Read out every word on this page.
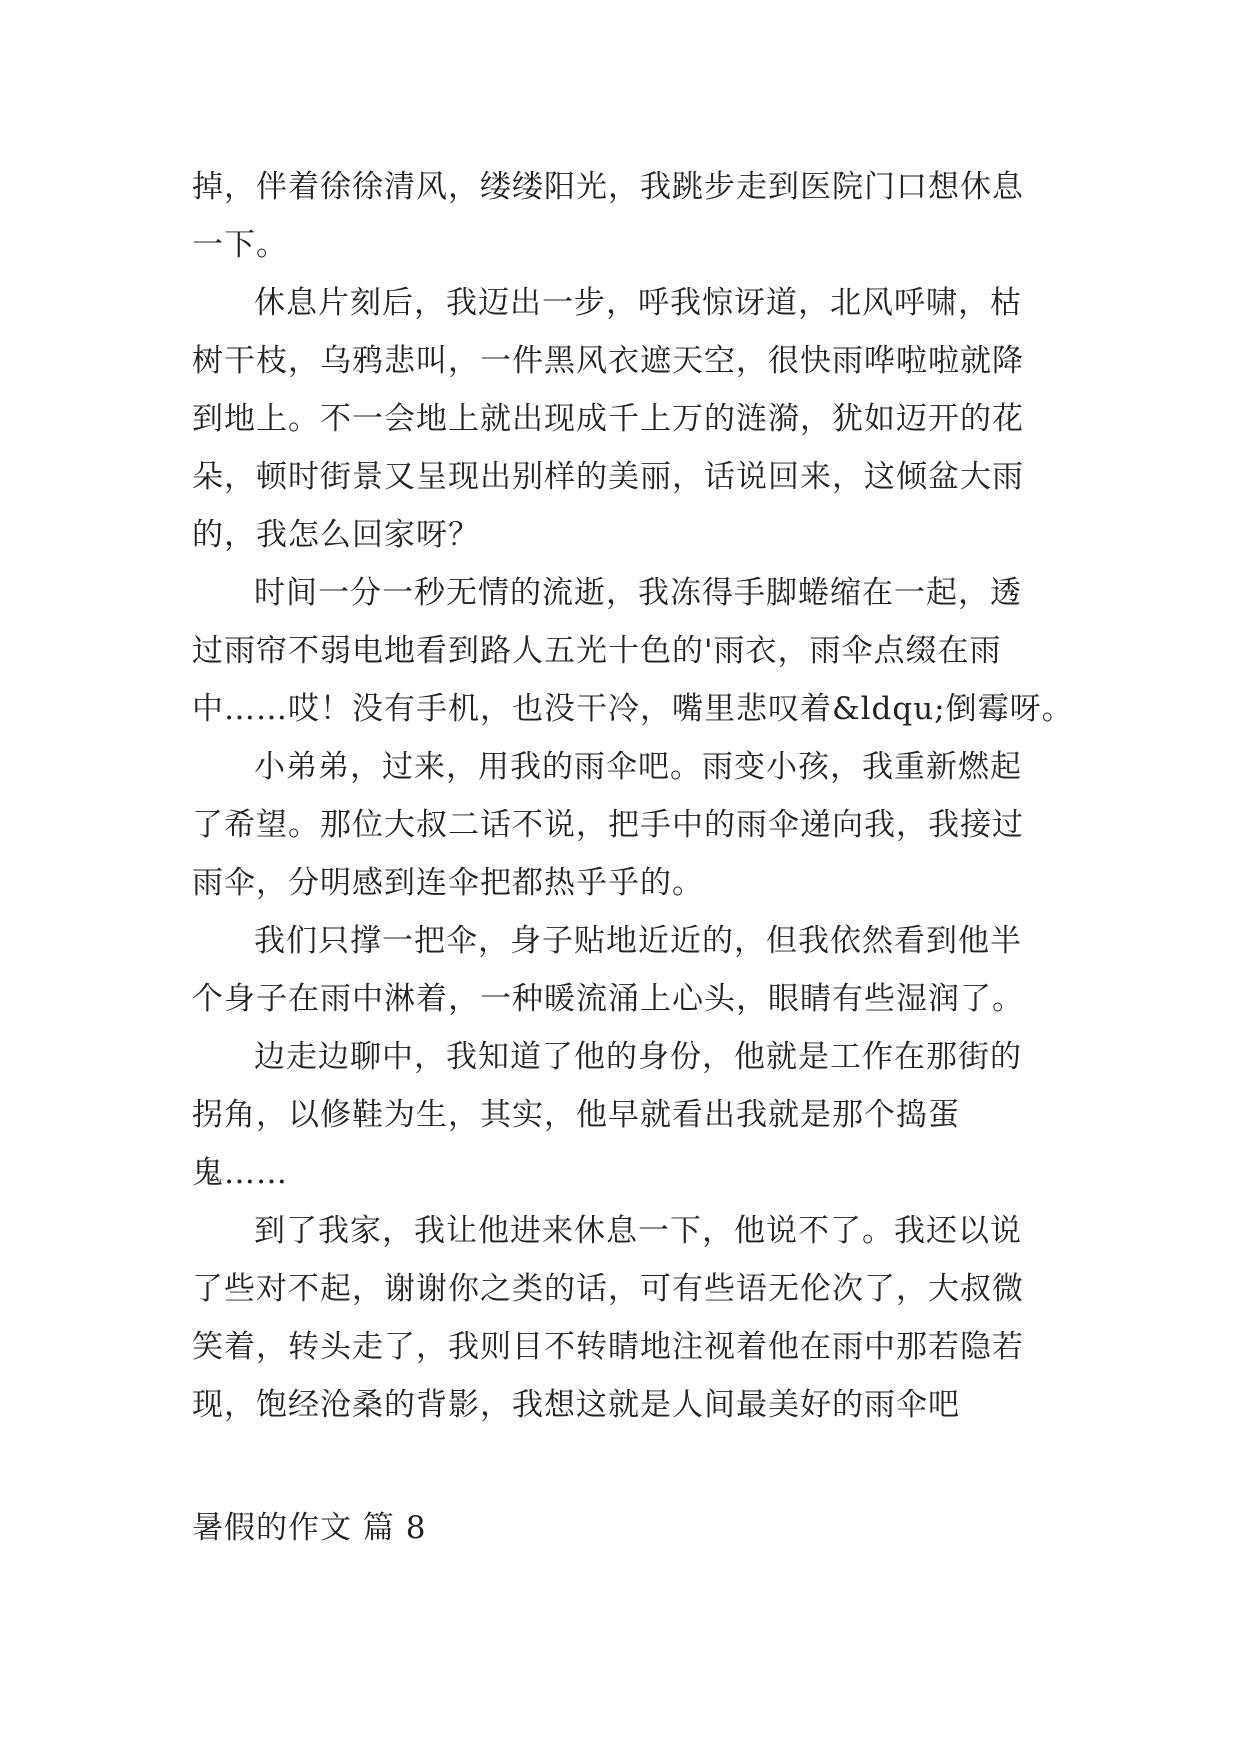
掉，伴着徐徐清风，缕缕阳光，我跳步走到医院门口想休息
一下。
休息片刻后，我迈出一步，呼我惊讶道，北风呼啸，枯
树干枝，乌鸦悲叫，一件黑风衣遮天空，很快雨哗啦啦就降
到地上。不一会地上就出现成千上万的涟漪，犹如迈开的花
朵，顿时街景又呈现出别样的美丽，话说回来，这倾盆大雨
的，我怎么回家呀？
时间一分一秒无情的流逝，我冻得手脚蜷缩在一起，透
过雨帘不弱电地看到路人五光十色的'雨衣，雨伞点缀在雨
中……哎！没有手机，也没干冷，嘴里悲叹着&ldqu;倒霉呀。
小弟弟，过来，用我的雨伞吧。雨变小孩，我重新燃起
了希望。那位大叔二话不说，把手中的雨伞递向我，我接过
雨伞，分明感到连伞把都热乎乎的。
我们只撑一把伞，身子贴地近近的，但我依然看到他半
个身子在雨中淋着，一种暖流涌上心头，眼睛有些湿润了。
边走边聊中，我知道了他的身份，他就是工作在那街的
拐角，以修鞋为生，其实，他早就看出我就是那个捣蛋
鬼……
到了我家，我让他进来休息一下，他说不了。我还以说
了些对不起，谢谢你之类的话，可有些语无伦次了，大叔微
笑着，转头走了，我则目不转睛地注视着他在雨中那若隐若
现，饱经沧桑的背影，我想这就是人间最美好的雨伞吧
暑假的作文 篇 8
